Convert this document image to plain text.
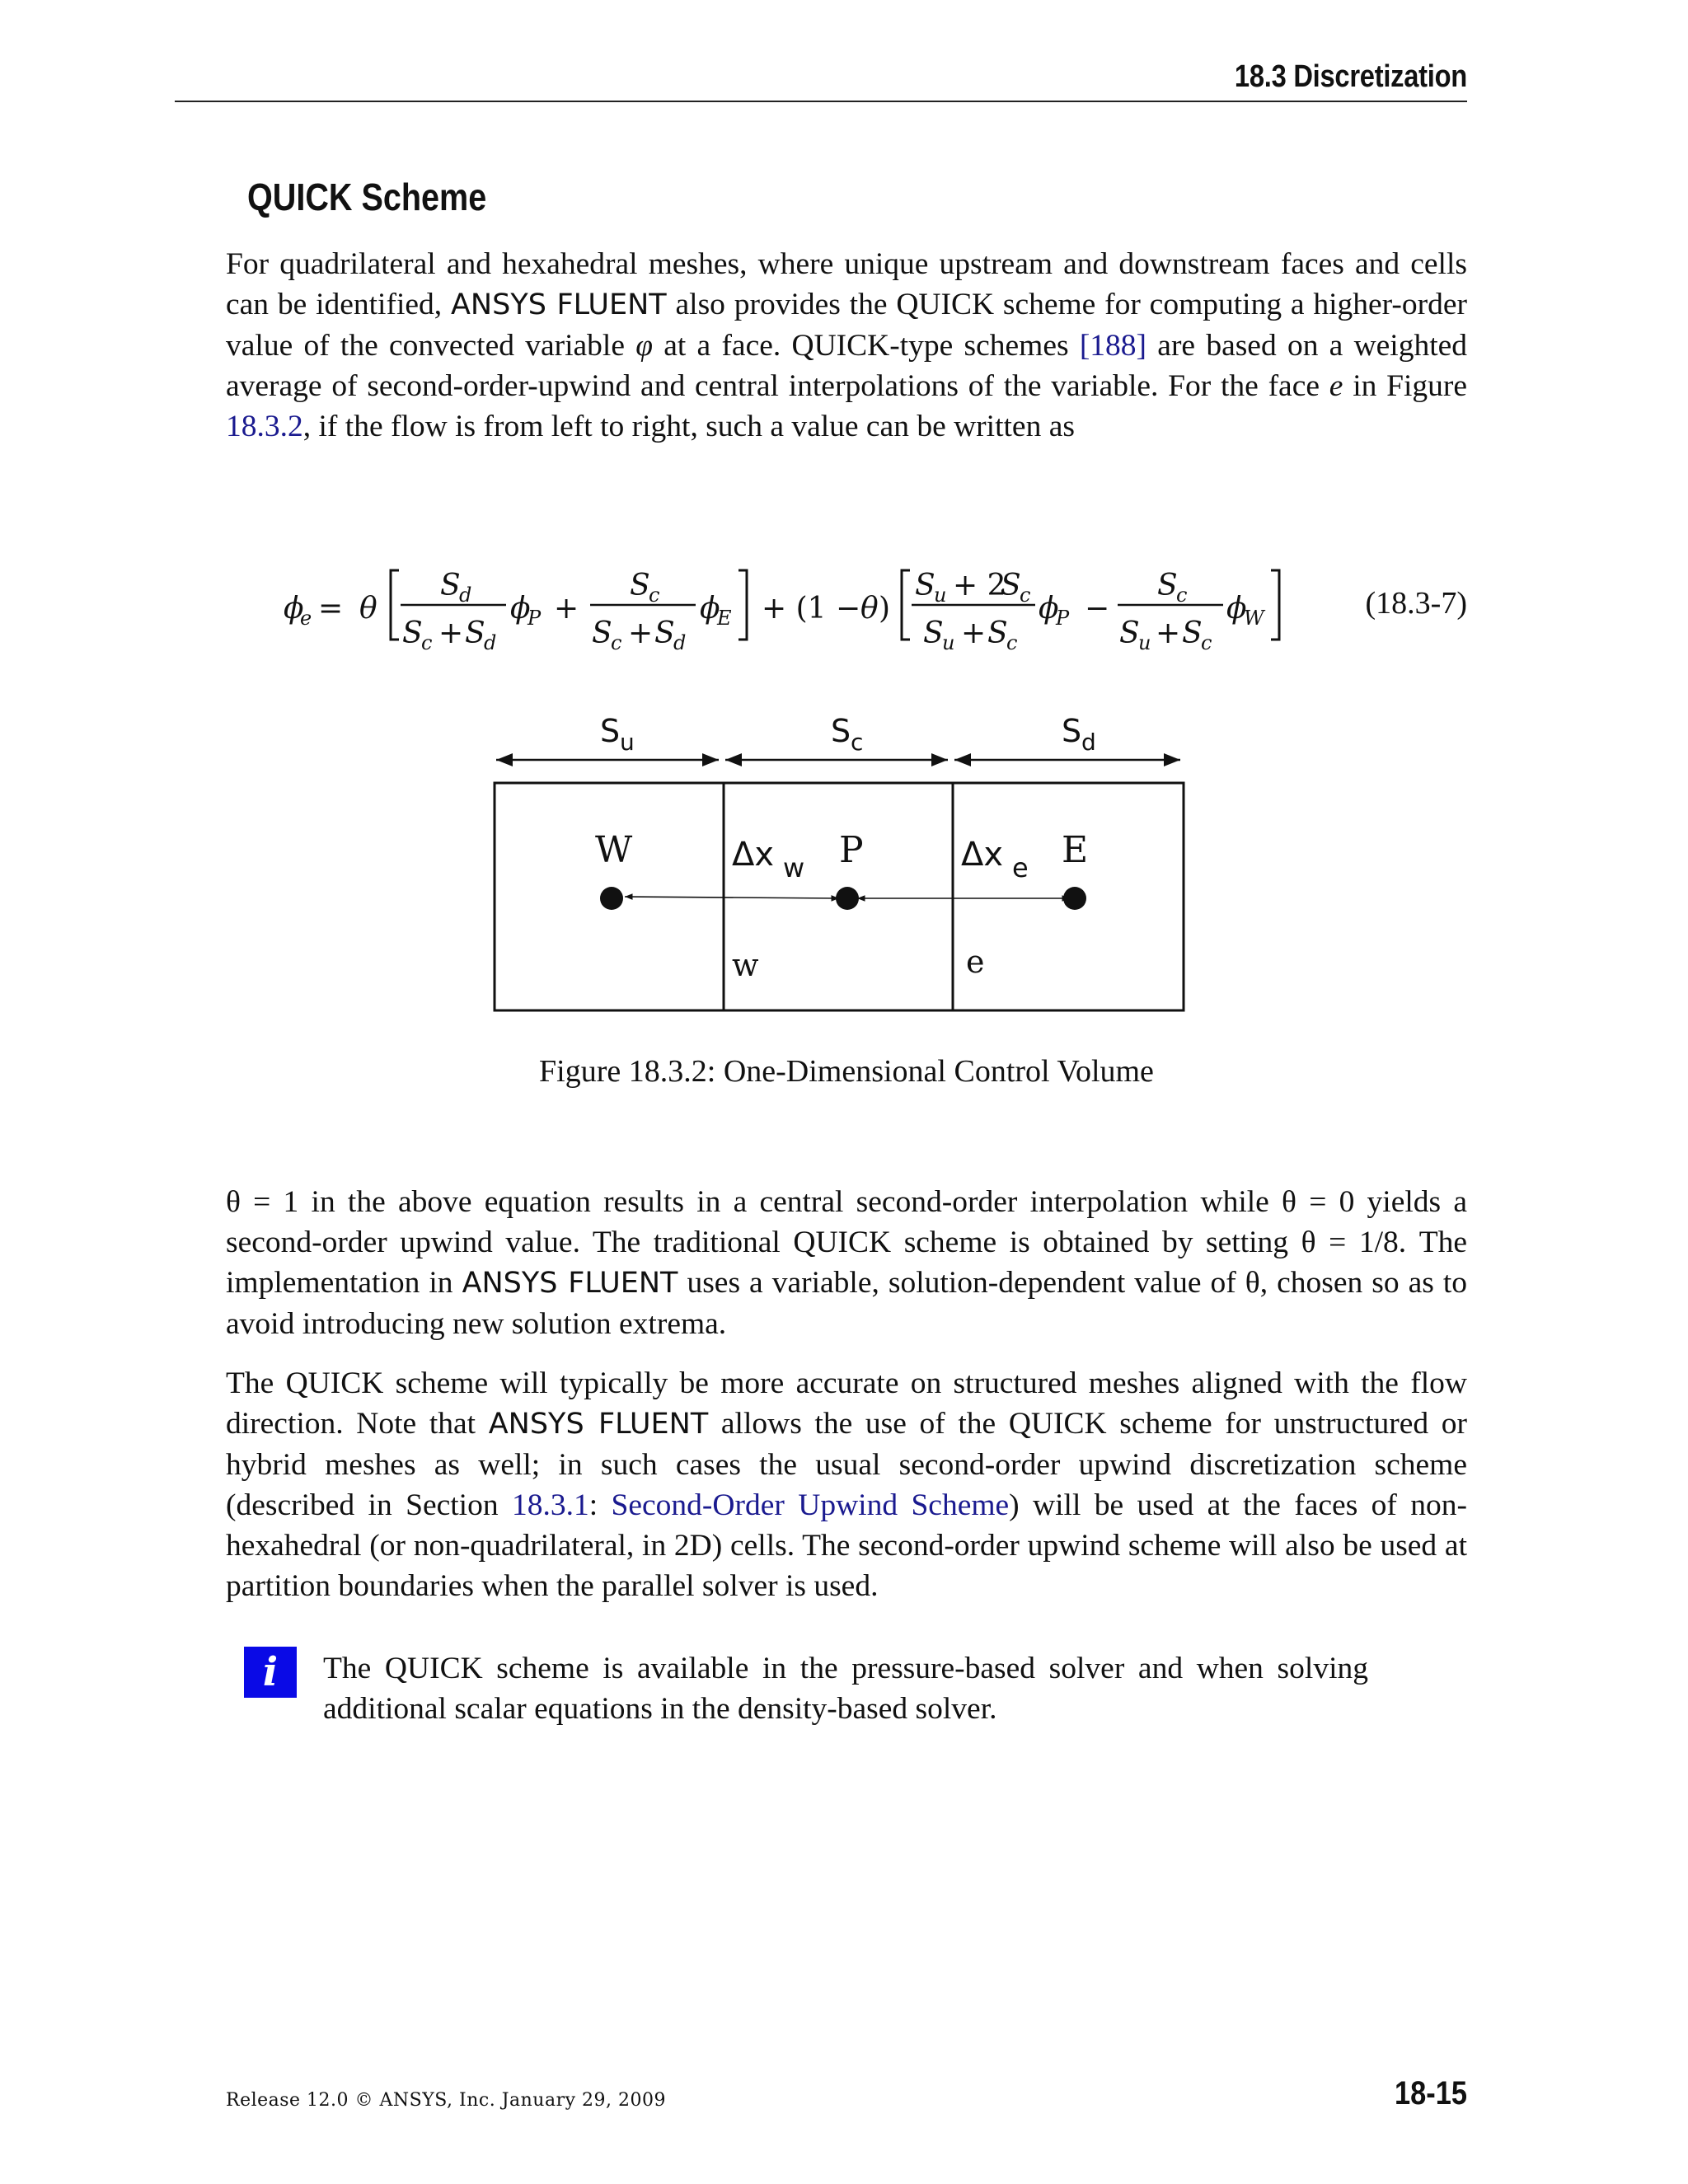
18.3 Discretization
QUICK Scheme
For quadrilateral and hexahedral meshes, where unique upstream and downstream faces and cells can be identified, ANSYS FLUENT also provides the QUICK scheme for computing a higher-order value of the convected variable φ at a face. QUICK-type schemes [188] are based on a weighted average of second-order-upwind and central interpolations of the variable. For the face e in Figure 18.3.2, if the flow is from left to right, such a value can be written as
ϕ
e = θ
S
d
S
c + S
d
ϕ
P +
S
c
S
c + S
d
ϕ
E + (1 − θ )
S
u + 2
S
c
S
u + S
c
ϕ
P −
S
c
S
u + S
c
ϕ
W	(18.3-7)
S u	S c	S d
W	P	E
Δx w	Δx e
w	e
Figure 18.3.2: One-Dimensional Control Volume
θ = 1 in the above equation results in a central second-order interpolation while θ = 0 yields a second-order upwind value. The traditional QUICK scheme is obtained by setting θ = 1/8. The implementation in ANSYS FLUENT uses a variable, solution-dependent value of θ, chosen so as to avoid introducing new solution extrema.
The QUICK scheme will typically be more accurate on structured meshes aligned with the flow direction. Note that ANSYS FLUENT allows the use of the QUICK scheme for unstructured or hybrid meshes as well; in such cases the usual second-order upwind discretization scheme (described in Section 18.3.1: Second-Order Upwind Scheme) will be used at the faces of non-hexahedral (or non-quadrilateral, in 2D) cells. The second-order upwind scheme will also be used at partition boundaries when the parallel solver is used.
i	The QUICK scheme is available in the pressure-based solver and when solving additional scalar equations in the density-based solver.
Release 12.0 © ANSYS, Inc. January 29, 2009	18-15
